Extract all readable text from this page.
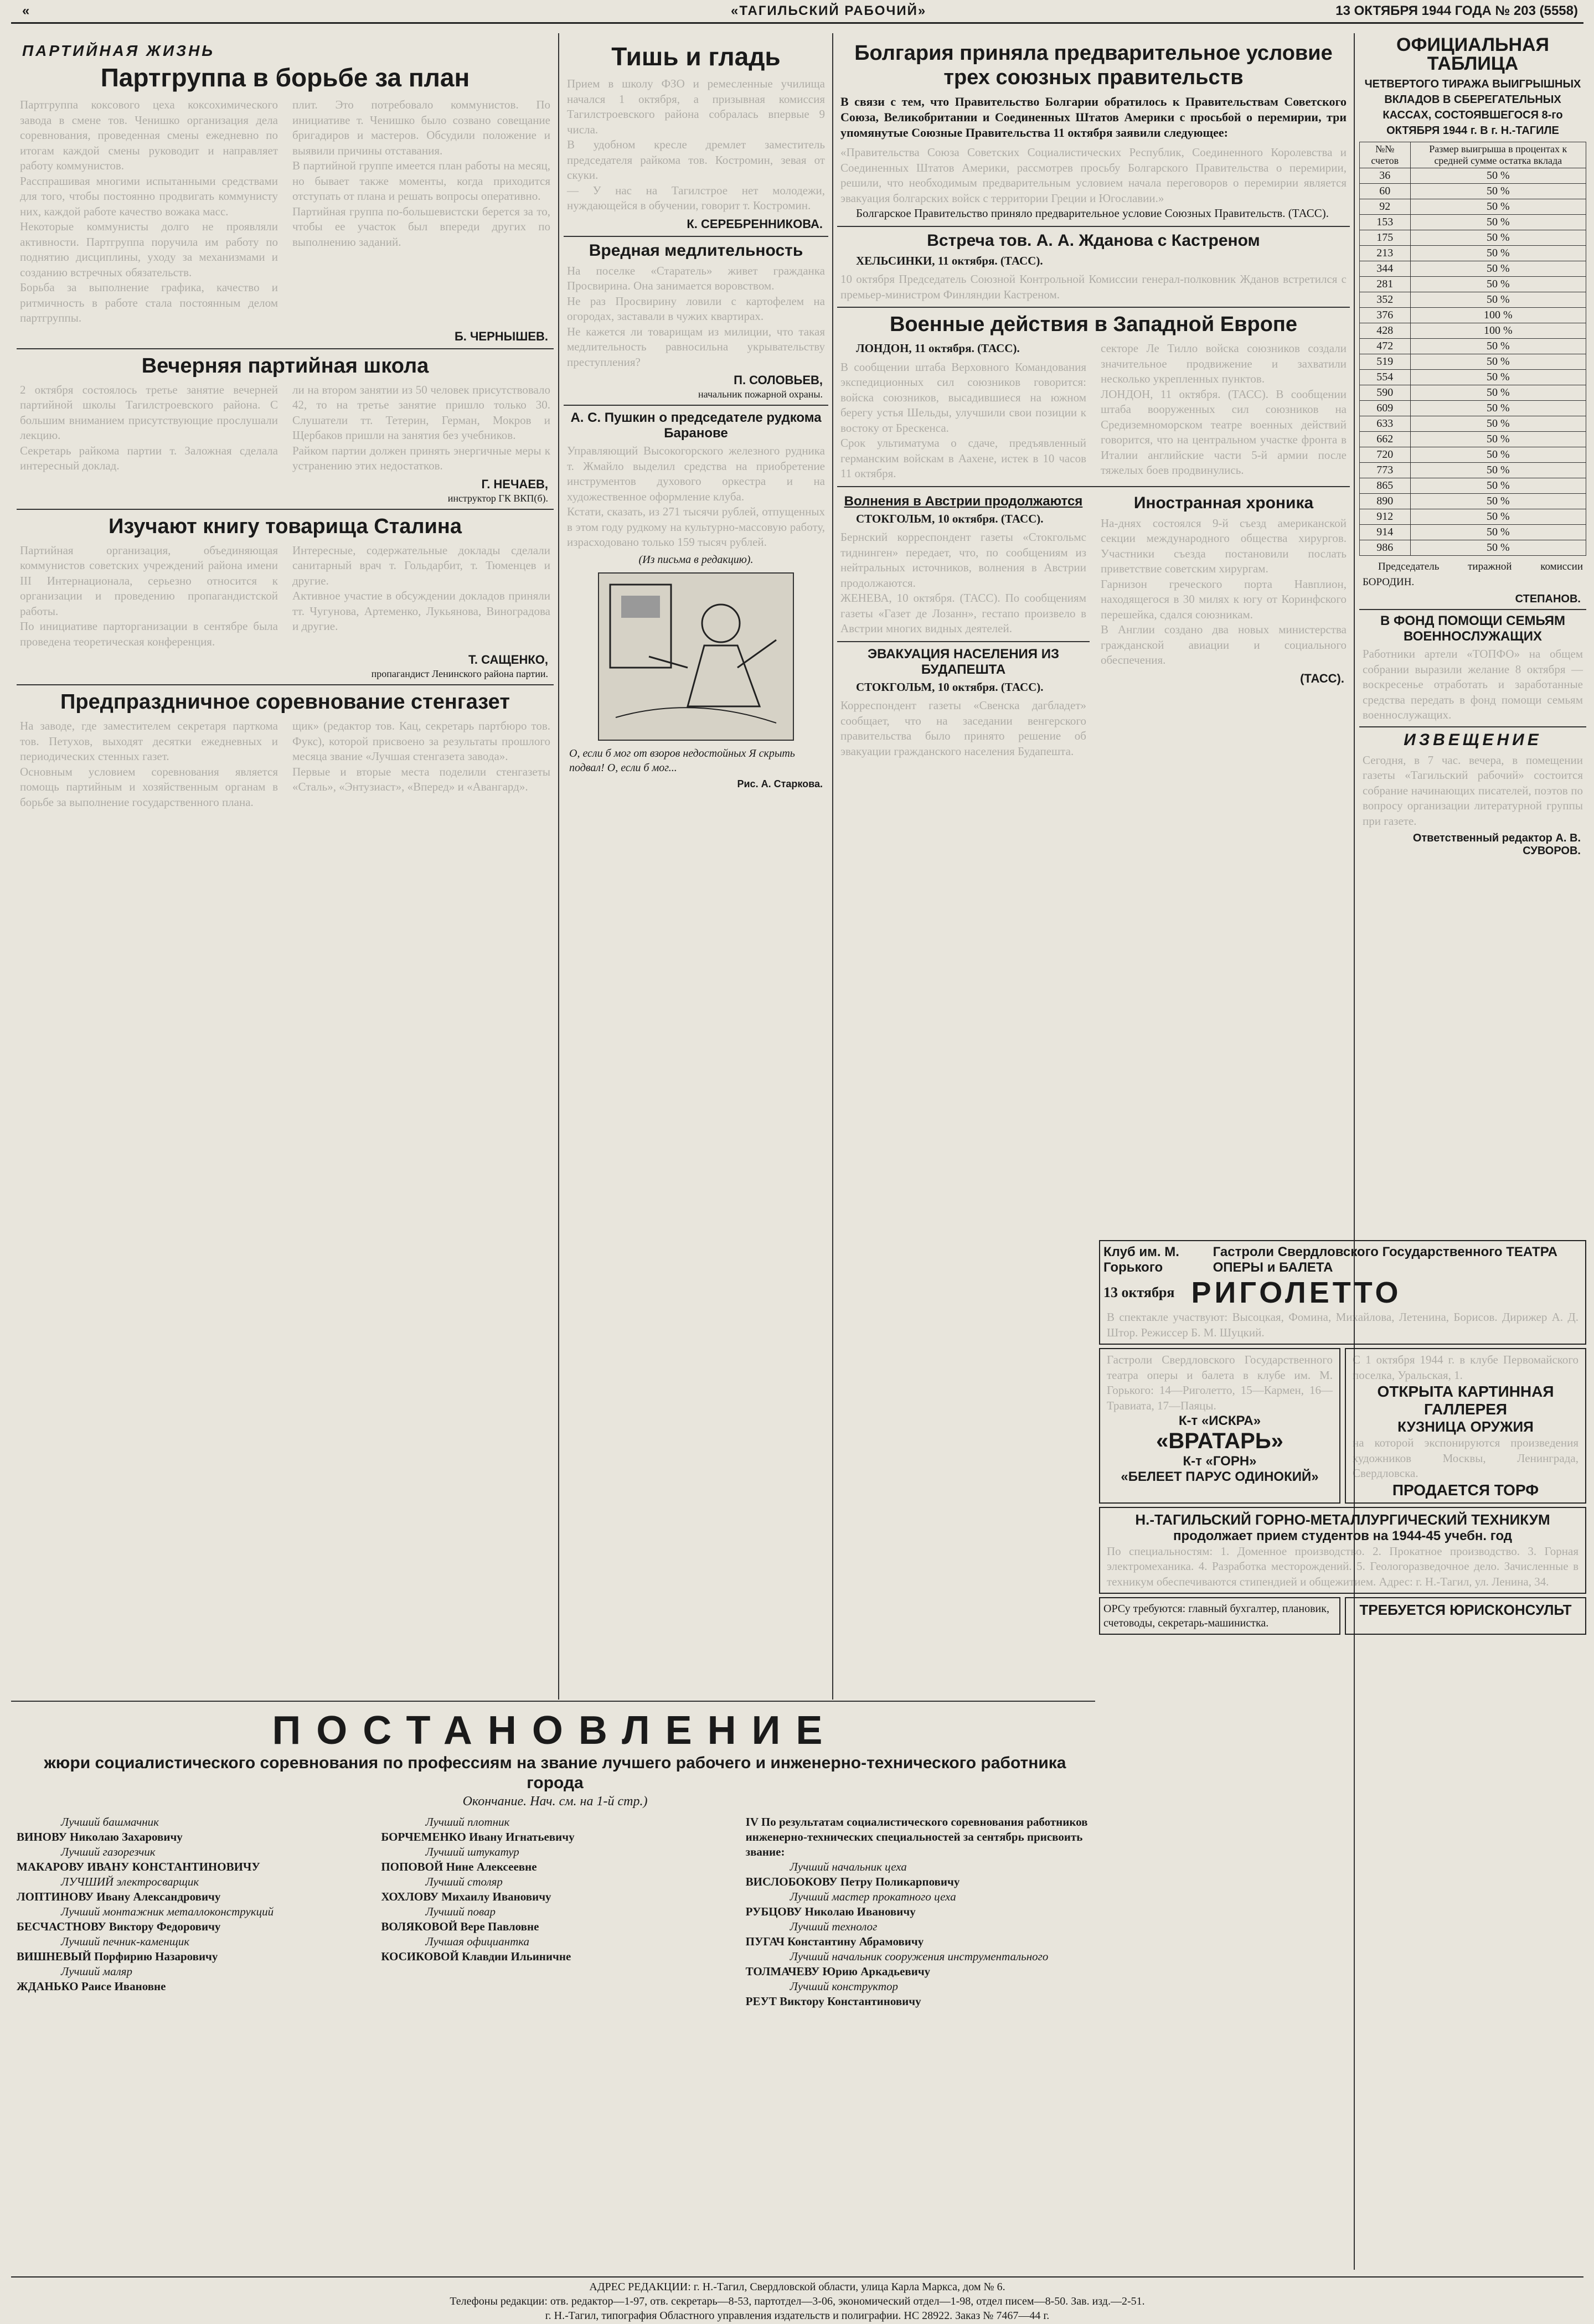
«	«ТАГИЛЬСКИЙ РАБОЧИЙ»	13 ОКТЯБРЯ 1944 ГОДА № 203 (5558)
ПАРТИЙНАЯ ЖИЗНЬ
Партгруппа в борьбе за план
Партгруппа коксового цеха коксохимического завода в смене тов. Ченишко организация дела соревнования, проведенная смены ежедневно по итогам каждой смены руководит и направляет работу коммунистов.
Расспрашивая многими испытанными средствами для того, чтобы постоянно продвигать коммунисту них, каждой работе качество вожака масс.
Некоторые коммунисты долго не проявляли активности. Партгруппа поручила им работу по поднятию дисциплины, уходу за механизмами и созданию встречных обязательств.
Борьба за выполнение графика, качество и ритмичность в работе стала постоянным делом партгруппы.
плит. Это потребовало коммунистов. По инициативе т. Ченишко было созвано совещание бригадиров и мастеров. Обсудили положение и выявили причины отставания.
В партийной группе имеется план работы на месяц, но бывает также моменты, когда приходится отступать от плана и решать вопросы оперативно.
Партийная группа по-большевистски берется за то, чтобы ее участок был впереди других по выполнению заданий.
Б. ЧЕРНЫШЕВ.
Вечерняя партийная школа
2 октября состоялось третье занятие вечерней партийной школы Тагилстроевского района. С большим вниманием присутствующие прослушали лекцию.
Секретарь райкома партии т. Заложная сделала интересный доклад.
ли на втором занятии из 50 человек присутствовало 42, то на третье занятие пришло только 30. Слушатели тт. Тетерин, Герман, Мокров и Щербаков пришли на занятия без учебников.
Райком партии должен принять энергичные меры к устранению этих недостатков.
Г. НЕЧАЕВ,
инструктор ГК ВКП(б).
Изучают книгу товарища Сталина
Партийная организация, объединяющая коммунистов советских учреждений района имени III Интернационала, серьезно относится к организации и проведению пропагандистской работы.
По инициативе парторганизации в сентябре была проведена теоретическая конференция.
Интересные, содержательные доклады сделали санитарный врач т. Гольдарбит, т. Тюменцев и другие.
Активное участие в обсуждении докладов приняли тт. Чугунова, Артеменко, Лукьянова, Виноградова и другие.
Т. САЩЕНКО,
пропагандист Ленинского района партии.
Предпраздничное соревнование стенгазет
На заводе, где заместителем секретаря парткома тов. Петухов, выходят десятки ежедневных и периодических стенных газет.
Основным условием соревнования является помощь партийным и хозяйственным органам в борьбе за выполнение государственного плана.
щик» (редактор тов. Кац, секретарь партбюро тов. Фукс), которой присвоено за результаты прошлого месяца звание «Лучшая стенгазета завода».
Первые и вторые места поделили стенгазеты «Сталь», «Энтузиаст», «Вперед» и «Авангард».
Тишь и гладь
Прием в школу ФЗО и ремесленные училища начался 1 октября, а призывная комиссия Тагилстроевского района собралась впервые 9 числа.
В удобном кресле дремлет заместитель председателя райкома тов. Костромин, зевая от скуки.
— У нас на Тагилстрое нет молодежи, нуждающейся в обучении, говорит т. Костромин.
К. СЕРЕБРЕННИКОВА.
Вредная медлительность
На поселке «Старатель» живет гражданка Просвирина. Она занимается воровством.
Не раз Просвирину ловили с картофелем на огородах, заставали в чужих квартирах.
Не кажется ли товарищам из милиции, что такая медлительность равносильна укрывательству преступления?
П. СОЛОВЬЕВ,
начальник пожарной охраны.
А. С. Пушкин о председателе рудкома Баранове
Управляющий Высокогорского железного рудника т. Жмайло выделил средства на приобретение инструментов духового оркестра и на художественное оформление клуба.
Кстати, сказать, из 271 тысячи рублей, отпущенных в этом году рудкому на культурно-массовую работу, израсходовано только 159 тысяч рублей.
(Из письма в редакцию).
О, если б мог от взоров недостойных Я скрыть подвал! О, если б мог...
Рис. А. Старкова.
Болгария приняла предварительное условие трех союзных правительств
В связи с тем, что Правительство Болгарии обратилось к Правительствам Советского Союза, Великобритании и Соединенных Штатов Америки с просьбой о перемирии, три упомянутые Союзные Правительства 11 октября заявили следующее:
«Правительства Союза Советских Социалистических Республик, Соединенного Королевства и Соединенных Штатов Америки, рассмотрев просьбу Болгарского Правительства о перемирии, решили, что необходимым предварительным условием начала переговоров о перемирии является эвакуация болгарских войск с территории Греции и Югославии.»
Болгарское Правительство приняло предварительное условие Союзных Правительств. (ТАСС).
Встреча тов. А. А. Жданова с Кастреном
ХЕЛЬСИНКИ, 11 октября. (ТАСС).
10 октября Председатель Союзной Контрольной Комиссии генерал-полковник Жданов встретился с премьер-министром Финляндии Кастреном.
Военные действия в Западной Европе
ЛОНДОН, 11 октября. (ТАСС).
В сообщении штаба Верховного Командования экспедиционных сил союзников говорится: войска союзников, высадившиеся на южном берегу устья Шельды, улучшили свои позиции к востоку от Брескенса.
Срок ультиматума о сдаче, предъявленный германским войскам в Аахене, истек в 10 часов 11 октября.
секторе Ле Тилло войска союзников создали значительное продвижение и захватили несколько укрепленных пунктов.
ЛОНДОН, 11 октября. (ТАСС). В сообщении штаба вооруженных сил союзников на Средиземноморском театре военных действий говорится, что на центральном участке фронта в Италии английские части 5-й армии после тяжелых боев продвинулись.
Волнения в Австрии продолжаются
СТОКГОЛЬМ, 10 октября. (ТАСС).
Бернский корреспондент газеты «Стокгольмс тиднинген» передает, что, по сообщениям из нейтральных источников, волнения в Австрии продолжаются.
ЖЕНЕВА, 10 октября. (ТАСС). По сообщениям газеты «Газет де Лозанн», гестапо произвело в Австрии многих видных деятелей.
ЭВАКУАЦИЯ НАСЕЛЕНИЯ ИЗ БУДАПЕШТА
СТОКГОЛЬМ, 10 октября. (ТАСС).
Корреспондент газеты «Свенска дагбладет» сообщает, что на заседании венгерского правительства было принято решение об эвакуации гражданского населения Будапешта.
Иностранная хроника
На-днях состоялся 9-й съезд американской секции международного общества хирургов. Участники съезда постановили послать приветствие советским хирургам.
Гарнизон греческого порта Навплион, находящегося в 30 милях к югу от Коринфского перешейка, сдался союзникам.
В Англии создано два новых министерства гражданской авиации и социального обеспечения.
(ТАСС).
ОФИЦИАЛЬНАЯ ТАБЛИЦА
ЧЕТВЕРТОГО ТИРАЖА ВЫИГРЫШНЫХ ВКЛАДОВ В СБЕРЕГАТЕЛЬНЫХ КАССАХ, СОСТОЯВШЕГОСЯ 8-го ОКТЯБРЯ 1944 г. В г. Н.-ТАГИЛЕ
№№ счетов	Размер выигрыша в процентах к средней сумме остатка вклада
36	50 %
60	50 %
92	50 %
153	50 %
175	50 %
213	50 %
344	50 %
281	50 %
352	50 %
376	100 %
428	100 %
472	50 %
519	50 %
554	50 %
590	50 %
609	50 %
633	50 %
662	50 %
720	50 %
773	50 %
865	50 %
890	50 %
912	50 %
914	50 %
986	50 %
Председатель тиражной комиссии БОРОДИН.
СТЕПАНОВ.
В ФОНД ПОМОЩИ СЕМЬЯМ ВОЕННОСЛУЖАЩИХ
Работники артели «ТОПФО» на общем собрании выразили желание 8 октября — воскресенье отработать и заработанные средства передать в фонд помощи семьям военнослужащих.
ИЗВЕЩЕНИЕ
Сегодня, в 7 час. вечера, в помещении газеты «Тагильский рабочий» состоится собрание начинающих писателей, поэтов по вопросу организации литературной группы при газете.
Ответственный редактор А. В. СУВОРОВ.
Клуб им. М. Горького
Гастроли Свердловского Государственного ТЕАТРА ОПЕРЫ и БАЛЕТА
13 октября РИГОЛЕТТО
В спектакле участвуют: Высоцкая, Фомина, Михайлова, Летенина, Борисов. Дирижер А. Д. Штор. Режиссер Б. М. Шуцкий.
Гастроли Свердловского Государственного театра оперы и балета в клубе им. М. Горького: 14—Риголетто, 15—Кармен, 16—Травиата, 17—Паяцы.
К-т «ИСКРА»
«ВРАТАРЬ»
К-т «ГОРН»
«БЕЛЕЕТ ПАРУС ОДИНОКИЙ»
С 1 октября 1944 г. в клубе Первомайского поселка, Уральская, 1.
ОТКРЫТА КАРТИННАЯ ГАЛЛЕРЕЯ
КУЗНИЦА ОРУЖИЯ
на которой экспонируются произведения художников Москвы, Ленинграда, Свердловска.
ПРОДАЕТСЯ ТОРФ
Н.-ТАГИЛЬСКИЙ ГОРНО-МЕТАЛЛУРГИЧЕСКИЙ ТЕХНИКУМ
продолжает прием студентов на 1944-45 учебн. год
По специальностям: 1. Доменное производство. 2. Прокатное производство. 3. Горная электромеханика. 4. Разработка месторождений. 5. Геологоразведочное дело. Зачисленные в техникум обеспечиваются стипендией и общежитием. Адрес: г. Н.-Тагил, ул. Ленина, 34.
ОРСу требуются: главный бухгалтер, плановик, счетоводы, секретарь-машинистка.
ТРЕБУЕТСЯ ЮРИСКОНСУЛЬТ
ПОСТАНОВЛЕНИЕ
жюри социалистического соревнования по профессиям на звание лучшего рабочего и инженерно-технического работника города
Окончание. Нач. см. на 1-й стр.)
Лучший башмачник
ВИНОВУ Николаю Захаровичу
Лучший газорезчик
МАКАРОВУ ИВАНУ КОНСТАНТИНОВИЧУ
ЛУЧШИЙ электросварщик
ЛОПТИНОВУ Ивану Александровичу
Лучший монтажник металлоконструкций
БЕСЧАСТНОВУ Виктору Федоровичу
Лучший печник-каменщик
ВИШНЕВЫЙ Порфирию Назаровичу
Лучший маляр
ЖДАНЬКО Раисе Ивановне
Лучший плотник
БОРЧЕМЕНКО Ивану Игнатьевичу
Лучший штукатур
ПОПОВОЙ Нине Алексеевне
Лучший столяр
ХОХЛОВУ Михаилу Ивановичу
Лучший повар
ВОЛЯКОВОЙ Вере Павловне
Лучшая официантка
КОСИКОВОЙ Клавдии Ильиничне
IV По результатам социалистического соревнования работников инженерно-технических специальностей за сентябрь присвоить звание:
Лучший начальник цеха
ВИСЛОБОКОВУ Петру Поликарповичу
Лучший мастер прокатного цеха
РУБЦОВУ Николаю Ивановичу
Лучший технолог
ПУГАЧ Константину Абрамовичу
Лучший начальник сооружения инструментального
ТОЛМАЧЕВУ Юрию Аркадьевичу
Лучший конструктор
РЕУТ Виктору Константиновичу
АДРЕС РЕДАКЦИИ: г. Н.-Тагил, Свердловской области, улица Карла Маркса, дом № 6.
Телефоны редакции: отв. редактор—1-97, отв. секретарь—8-53, партотдел—3-06, экономический отдел—1-98, отдел писем—8-50. Зав. изд.—2-51.
г. Н.-Тагил, типография Областного управления издательств и полиграфии. НС 28922. Заказ № 7467—44 г.
